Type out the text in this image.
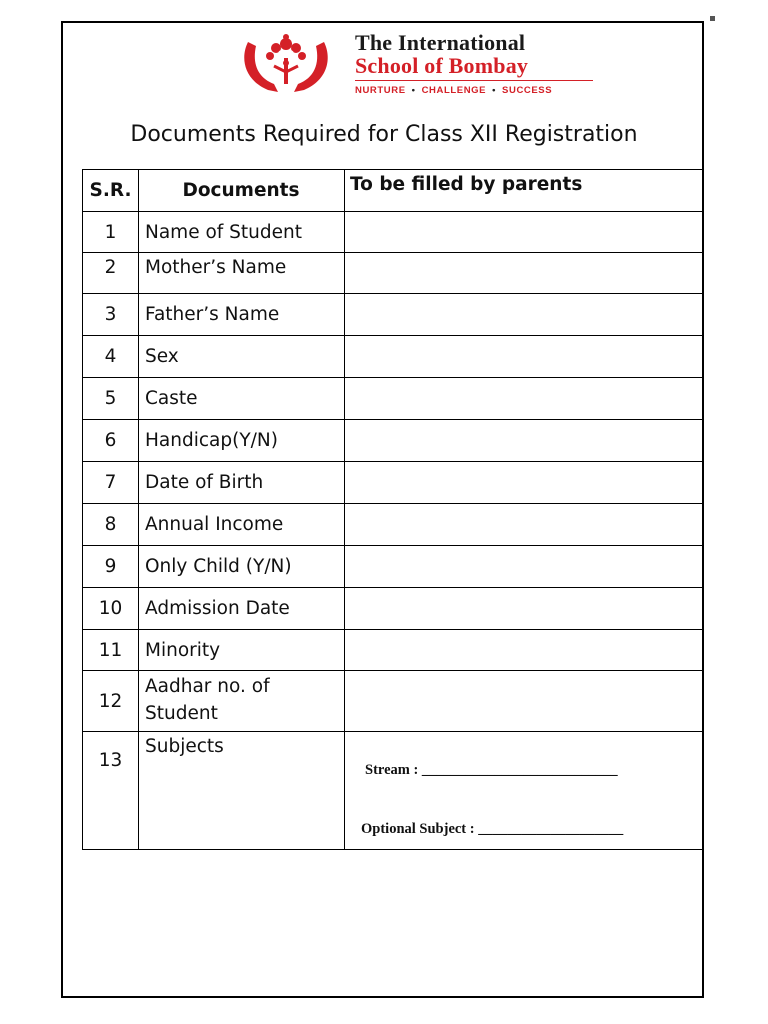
The International
School of Bombay
NURTURE • CHALLENGE • SUCCESS
Documents Required for Class XII Registration
S.R.	Documents	To be filled by parents
1	Name of Student	
2	Mother’s Name	
3	Father’s Name	
4	Sex	
5	Caste	
6	Handicap(Y/N)	
7	Date of Birth	
8	Annual Income	
9	Only Child (Y/N)	
10	Admission Date	
11	Minority	
12	Aadhar no. of Student	
13	Subjects	Stream : ___________________________
Optional Subject : ____________________
